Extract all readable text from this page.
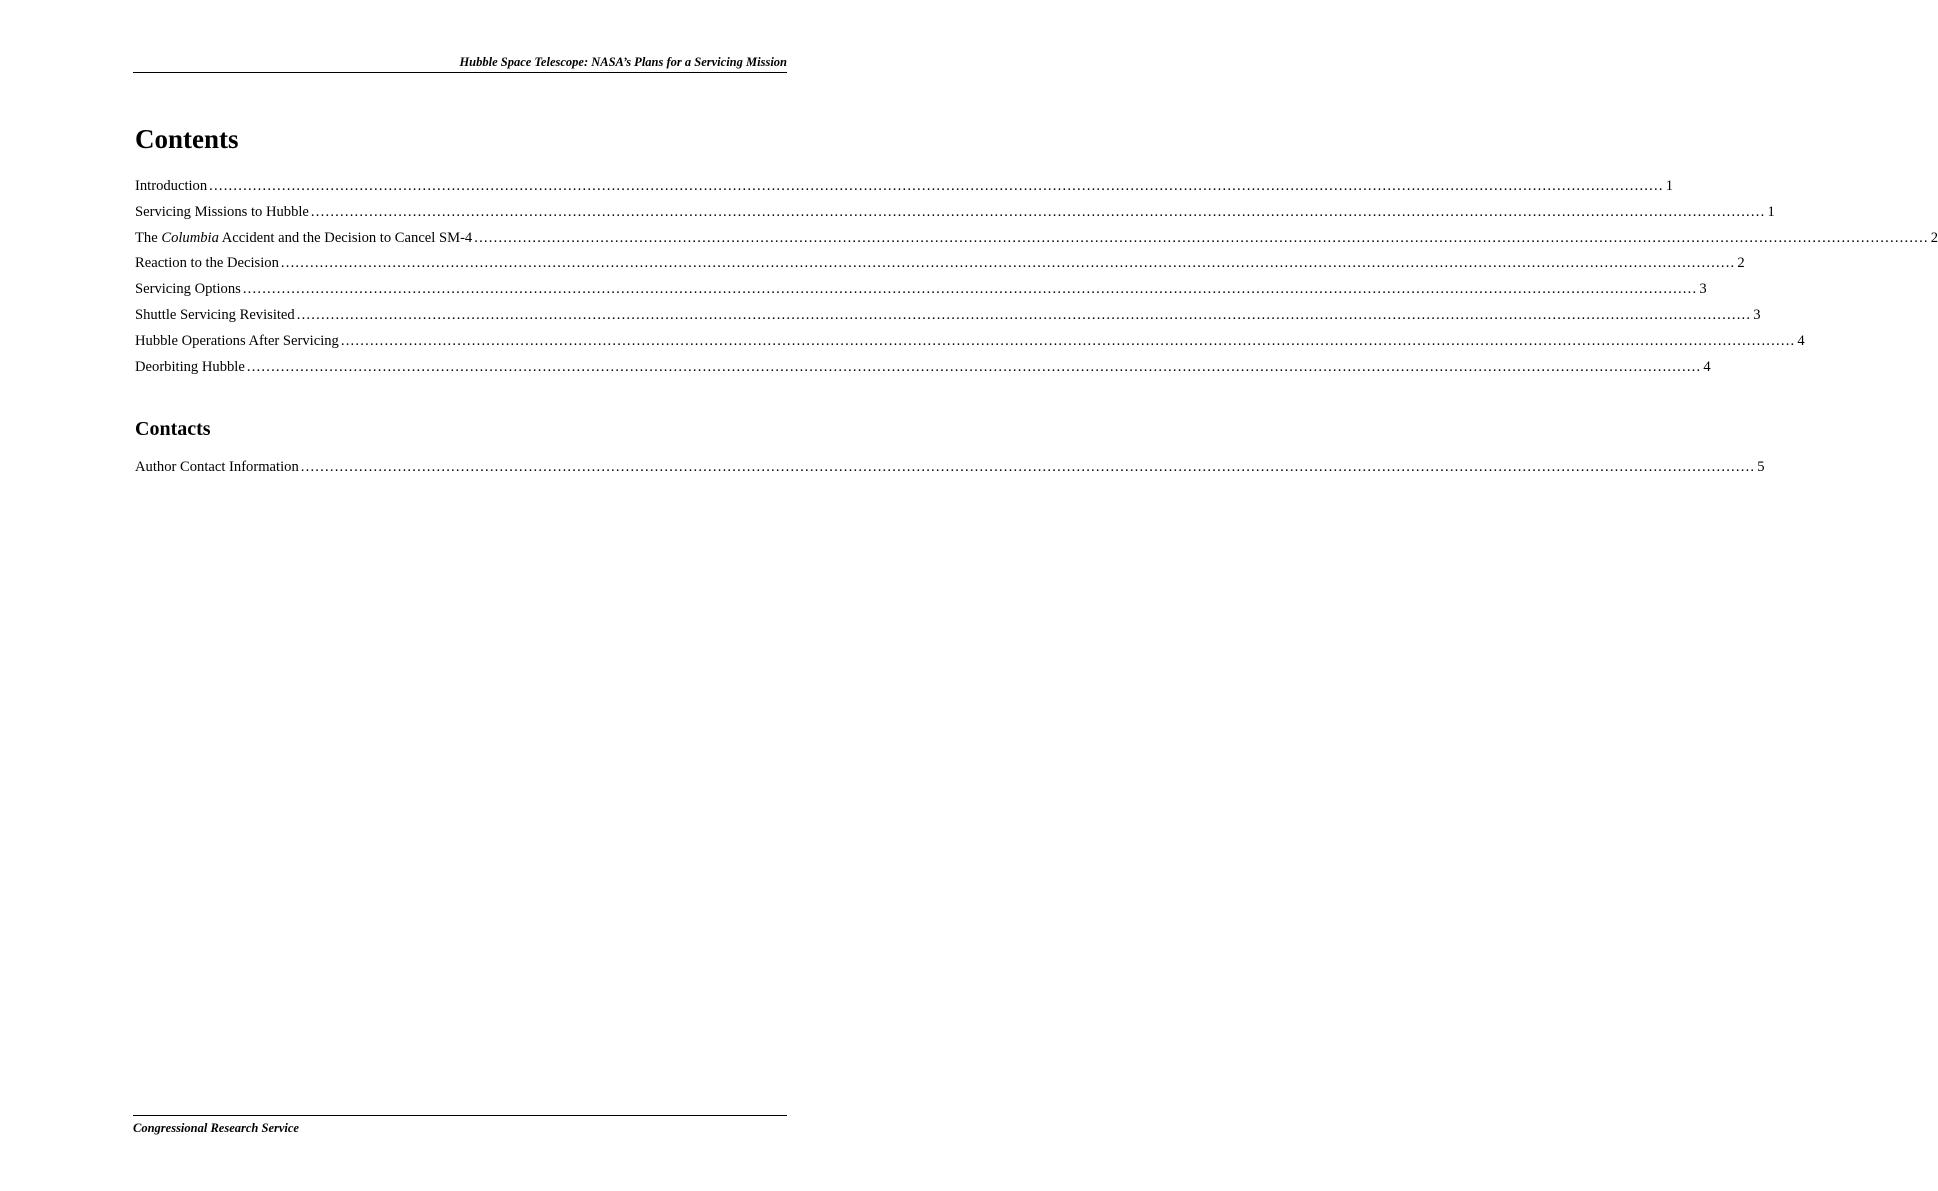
Hubble Space Telescope: NASA’s Plans for a Servicing Mission
Contents
Introduction ............................................................................................................................................................................................................................................................................................................ 1
Servicing Missions to Hubble ............................................................................................................................................................................................................................................................................................................ 1
The Columbia Accident and the Decision to Cancel SM-4 ............................................................................................................................................................................................................................................................................................................ 2
Reaction to the Decision ............................................................................................................................................................................................................................................................................................................ 2
Servicing Options ............................................................................................................................................................................................................................................................................................................ 3
Shuttle Servicing Revisited ............................................................................................................................................................................................................................................................................................................ 3
Hubble Operations After Servicing ............................................................................................................................................................................................................................................................................................................ 4
Deorbiting Hubble ............................................................................................................................................................................................................................................................................................................ 4
Contacts
Author Contact Information ............................................................................................................................................................................................................................................................................................................ 5
Congressional Research Service
